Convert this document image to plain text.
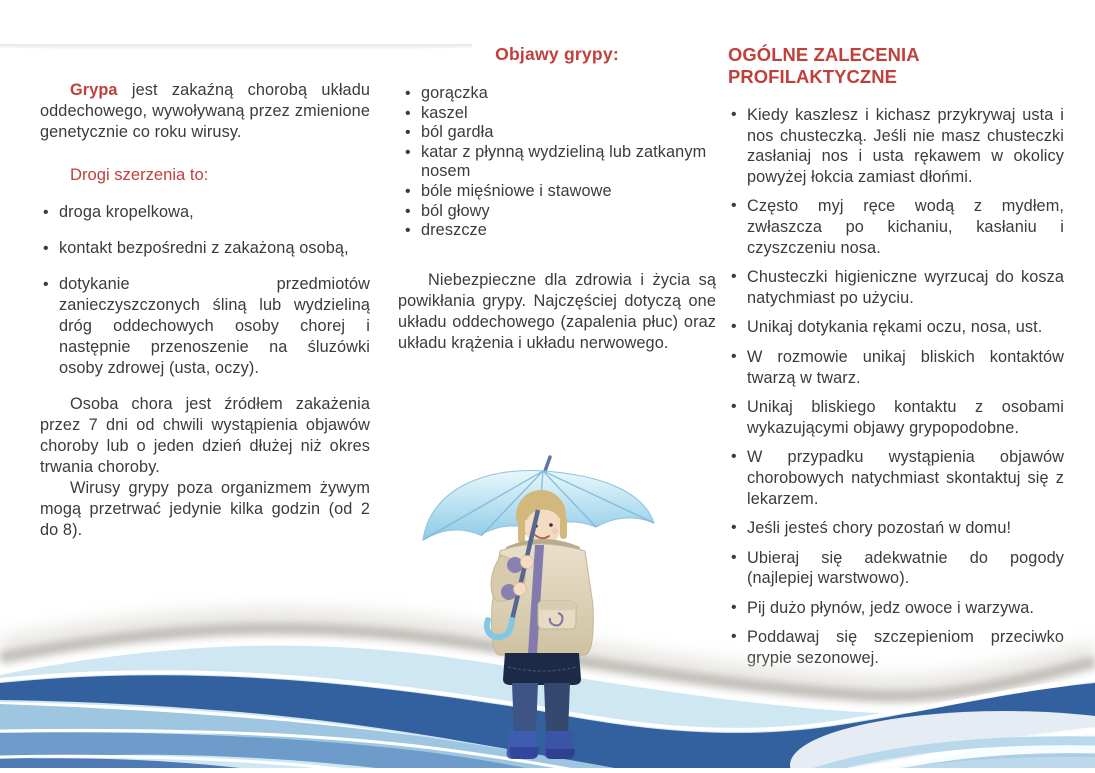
Grypa jest zakaźną chorobą układu oddechowego, wywoływaną przez zmienione genetycznie co roku wirusy.

Drogi szerzenia to:

• droga kropelkowa,
• kontakt bezpośredni z zakażoną osobą,
• dotykanie przedmiotów zanieczyszczonych śliną lub wydzieliną dróg oddechowych osoby chorej i następnie przenoszenie na śluzówki osoby zdrowej (usta, oczy).

Osoba chora jest źródłem zakażenia przez 7 dni od chwili wystąpienia objawów choroby lub o jeden dzień dłużej niż okres trwania choroby.

Wirusy grypy poza organizmem żywym mogą przetrwać jedynie kilka godzin (od 2 do 8).

Objawy grypy:
• gorączka
• kaszel
• ból gardła
• katar z płynną wydzieliną lub zatkanym nosem
• bóle mięśniowe i stawowe
• ból głowy
• dreszcze

Niebezpieczne dla zdrowia i życia są powikłania grypy. Najczęściej dotyczą one układu oddechowego (zapalenia płuc) oraz układu krążenia i układu nerwowego.

OGÓLNE ZALECENIA PROFILAKTYCZNE
• Kiedy kaszlesz i kichasz przykrywaj usta i nos chusteczką. Jeśli nie masz chusteczki zasłaniaj nos i usta rękawem w okolicy powyżej łokcia zamiast dłońmi.
• Często myj ręce wodą z mydłem, zwłaszcza po kichaniu, kasłaniu i czyszczeniu nosa.
• Chusteczki higieniczne wyrzucaj do kosza natychmiast po użyciu.
• Unikaj dotykania rękami oczu, nosa, ust.
• W rozmowie unikaj bliskich kontaktów twarzą w twarz.
• Unikaj bliskiego kontaktu z osobami wykazującymi objawy grypopodobne.
• W przypadku wystąpienia objawów chorobowych natychmiast skontaktuj się z lekarzem.
• Jeśli jesteś chory pozostań w domu!
• Ubieraj się adekwatnie do pogody (najlepiej warstwowo).
• Pij dużo płynów, jedz owoce i warzywa.
• Poddawaj się szczepieniom przeciwko grypie sezonowej.
